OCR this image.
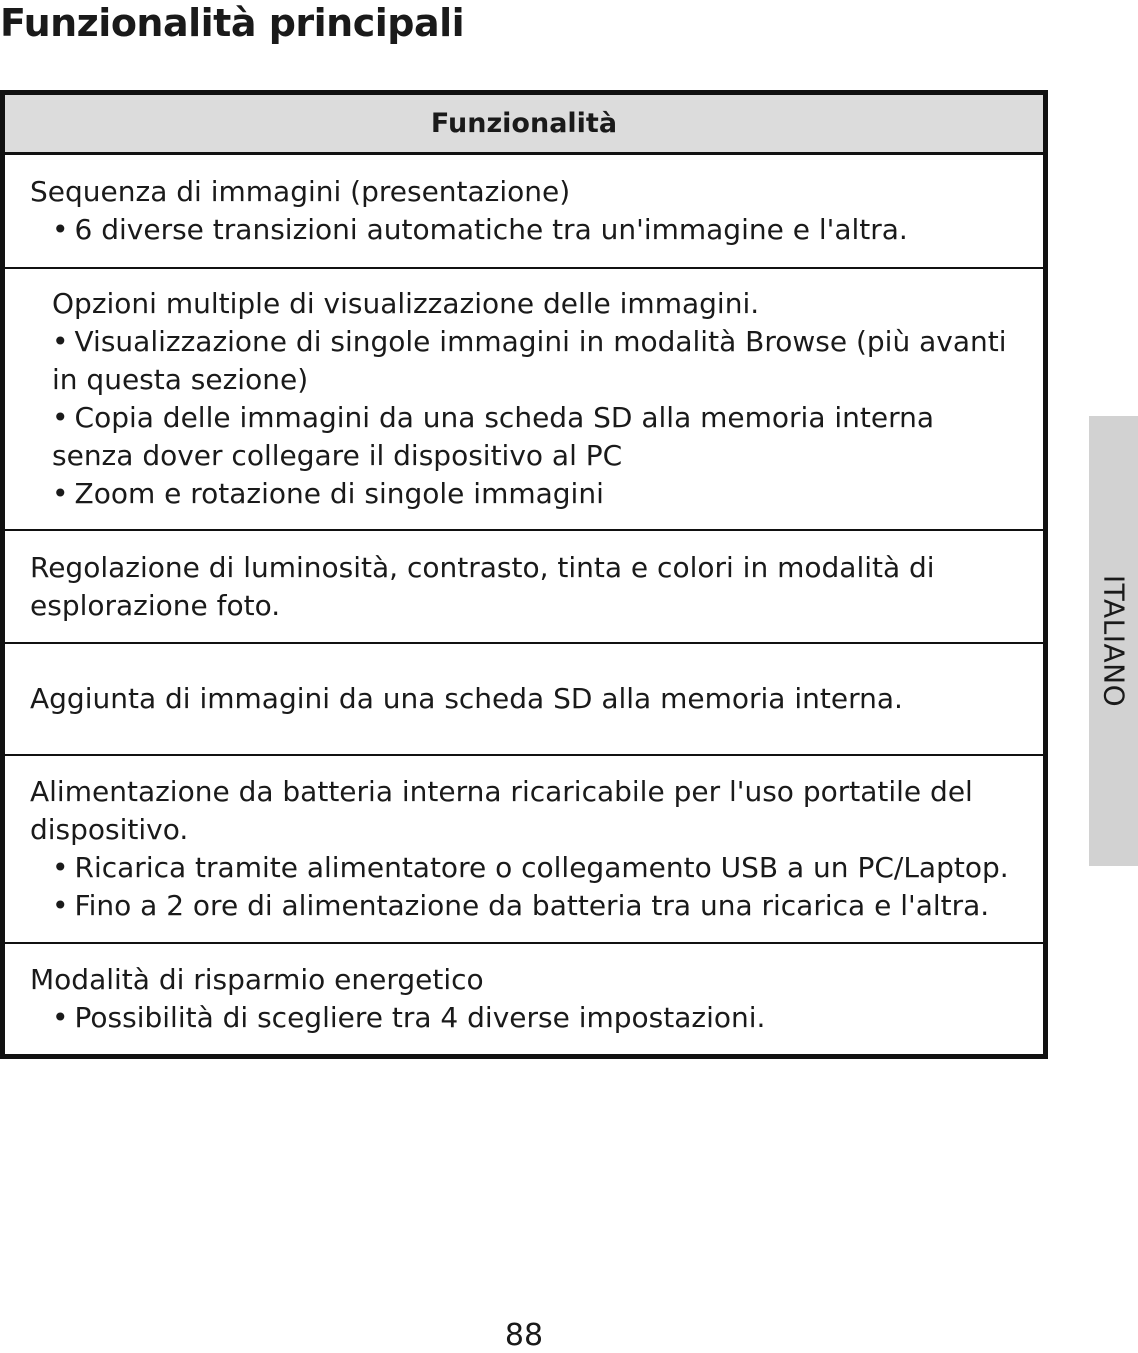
Funzionalità principali
Funzionalità
Sequenza di immagini (presentazione)
• 6 diverse transizioni automatiche tra un'immagine e l'altra.
Opzioni multiple di visualizzazione delle immagini.
• Visualizzazione di singole immagini in modalità Browse (più avanti
in questa sezione)
• Copia delle immagini da una scheda SD alla memoria interna
senza dover collegare il dispositivo al PC
• Zoom e rotazione di singole immagini
Regolazione di luminosità, contrasto, tinta e colori in modalità di
esplorazione foto.
Aggiunta di immagini da una scheda SD alla memoria interna.
Alimentazione da batteria interna ricaricabile per l'uso portatile del
dispositivo.
• Ricarica tramite alimentatore o collegamento USB a un PC/Laptop.
• Fino a 2 ore di alimentazione da batteria tra una ricarica e l'altra.
Modalità di risparmio energetico
• Possibilità di scegliere tra 4 diverse impostazioni.
ITALIANO
88
